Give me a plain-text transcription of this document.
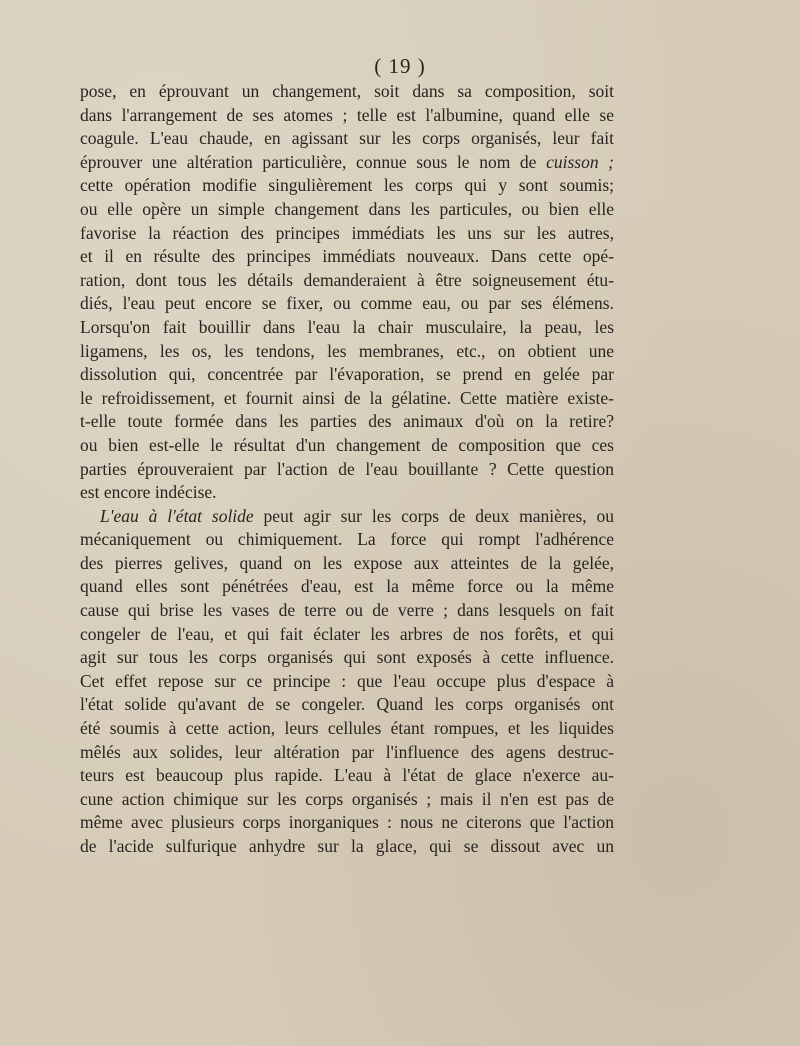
( 19 )
pose, en éprouvant un changement, soit dans sa composition, soit
dans l'arrangement de ses atomes ; telle est l'albumine, quand elle se
coagule. L'eau chaude, en agissant sur les corps organisés, leur fait
éprouver une altération particulière, connue sous le nom de cuisson ;
cette opération modifie singulièrement les corps qui y sont soumis;
ou elle opère un simple changement dans les particules, ou bien elle
favorise la réaction des principes immédiats les uns sur les autres,
et il en résulte des principes immédiats nouveaux. Dans cette opé-
ration, dont tous les détails demanderaient à être soigneusement étu-
diés, l'eau peut encore se fixer, ou comme eau, ou par ses élémens.
Lorsqu'on fait bouillir dans l'eau la chair musculaire, la peau, les
ligamens, les os, les tendons, les membranes, etc., on obtient une
dissolution qui, concentrée par l'évaporation, se prend en gelée par
le refroidissement, et fournit ainsi de la gélatine. Cette matière existe-
t-elle toute formée dans les parties des animaux d'où on la retire?
ou bien est-elle le résultat d'un changement de composition que ces
parties éprouveraient par l'action de l'eau bouillante ? Cette question
est encore indécise.
L'eau à l'état solide peut agir sur les corps de deux manières, ou
mécaniquement ou chimiquement. La force qui rompt l'adhérence
des pierres gelives, quand on les expose aux atteintes de la gelée,
quand elles sont pénétrées d'eau, est la même force ou la même
cause qui brise les vases de terre ou de verre ; dans lesquels on fait
congeler de l'eau, et qui fait éclater les arbres de nos forêts, et qui
agit sur tous les corps organisés qui sont exposés à cette influence.
Cet effet repose sur ce principe : que l'eau occupe plus d'espace à
l'état solide qu'avant de se congeler. Quand les corps organisés ont
été soumis à cette action, leurs cellules étant rompues, et les liquides
mêlés aux solides, leur altération par l'influence des agens destruc-
teurs est beaucoup plus rapide. L'eau à l'état de glace n'exerce au-
cune action chimique sur les corps organisés ; mais il n'en est pas de
même avec plusieurs corps inorganiques : nous ne citerons que l'action
de l'acide sulfurique anhydre sur la glace, qui se dissout avec un
